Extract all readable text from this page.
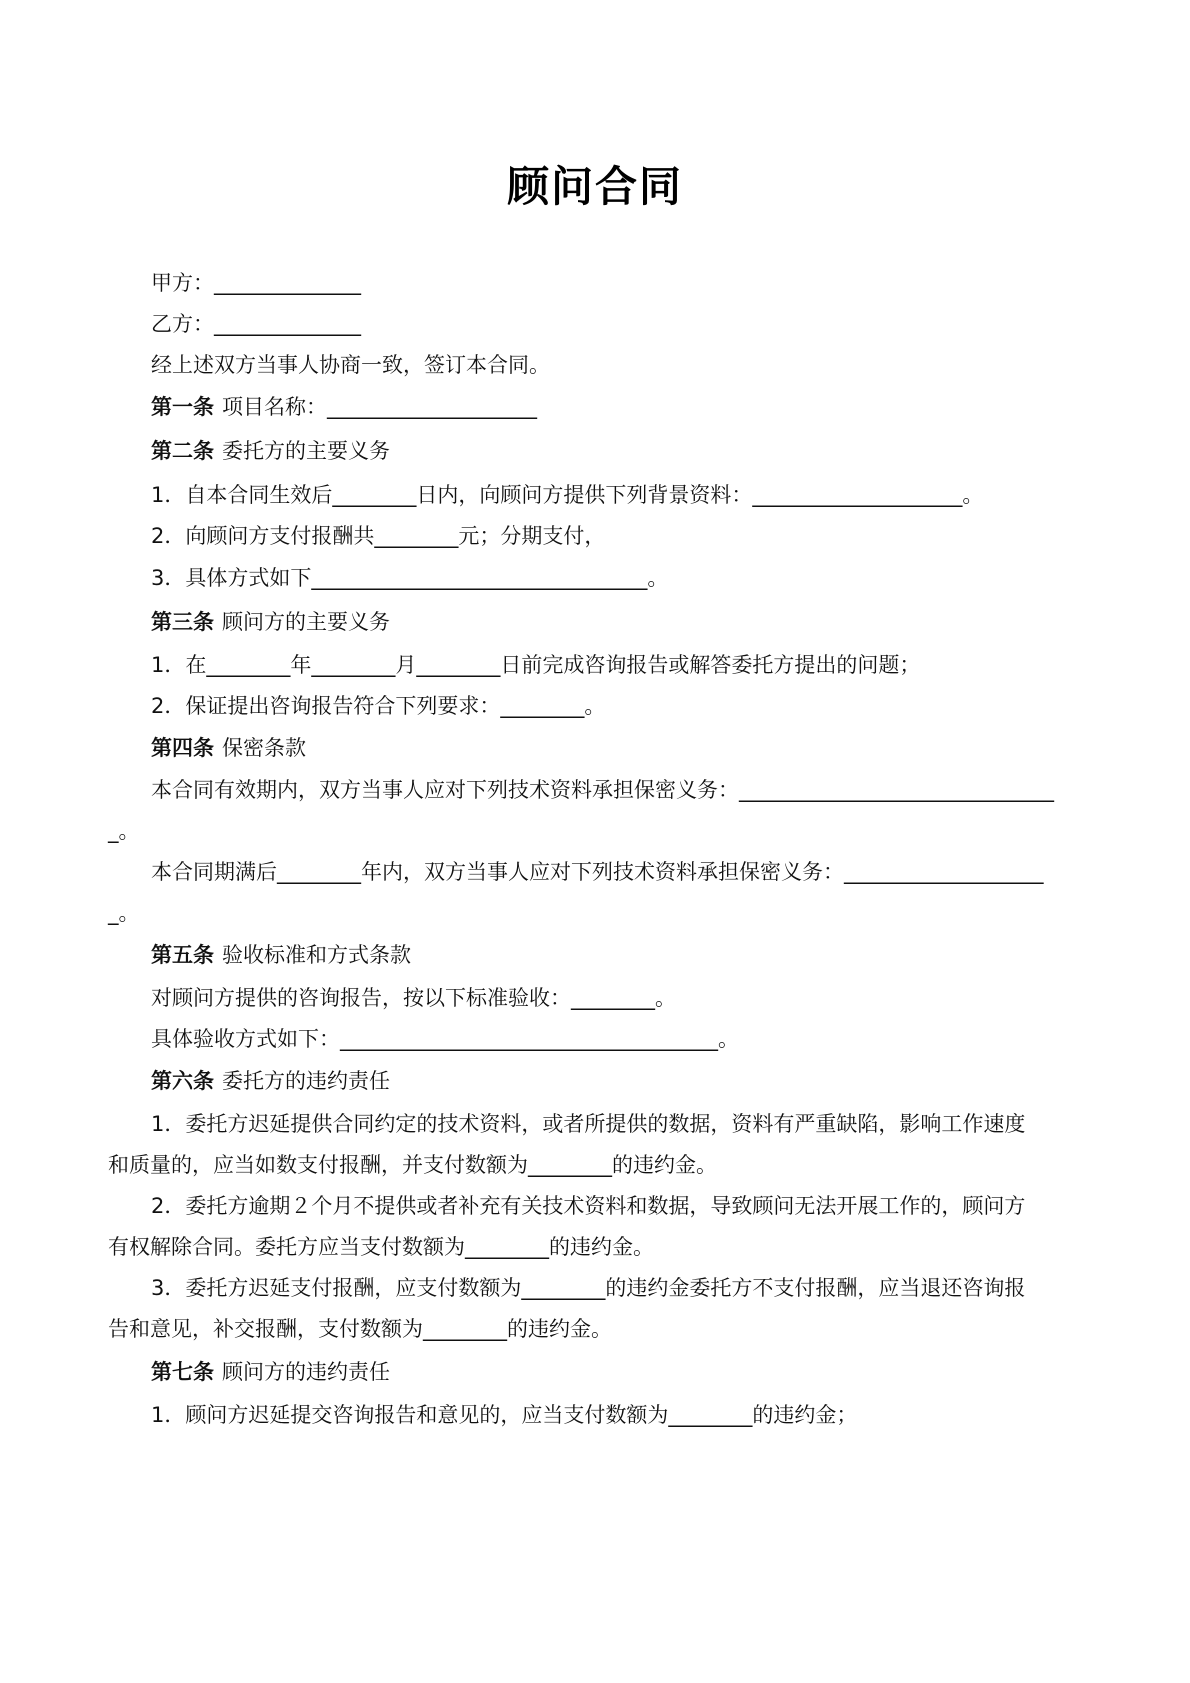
顾问合同
甲方：______________
乙方：______________
经上述双方当事人协商一致，签订本合同。
第一条 项目名称：____________________
第二条 委托方的主要义务
1．自本合同生效后________日内，向顾问方提供下列背景资料：____________________。
2．向顾问方支付报酬共________元；分期支付，
3．具体方式如下________________________________。
第三条 顾问方的主要义务
1．在________年________月________日前完成咨询报告或解答委托方提出的问题；
2．保证提出咨询报告符合下列要求：________。
第四条 保密条款
本合同有效期内，双方当事人应对下列技术资料承担保密义务：______________________________
_。
本合同期满后________年内，双方当事人应对下列技术资料承担保密义务：___________________
_。
第五条 验收标准和方式条款
对顾问方提供的咨询报告，按以下标准验收：________。
具体验收方式如下：____________________________________。
第六条 委托方的违约责任
1．委托方迟延提供合同约定的技术资料，或者所提供的数据，资料有严重缺陷，影响工作速度
和质量的，应当如数支付报酬，并支付数额为________的违约金。
2．委托方逾期２个月不提供或者补充有关技术资料和数据，导致顾问无法开展工作的，顾问方
有权解除合同。委托方应当支付数额为________的违约金。
3．委托方迟延支付报酬，应支付数额为________的违约金委托方不支付报酬，应当退还咨询报
告和意见，补交报酬，支付数额为________的违约金。
第七条 顾问方的违约责任
1．顾问方迟延提交咨询报告和意见的，应当支付数额为________的违约金；
